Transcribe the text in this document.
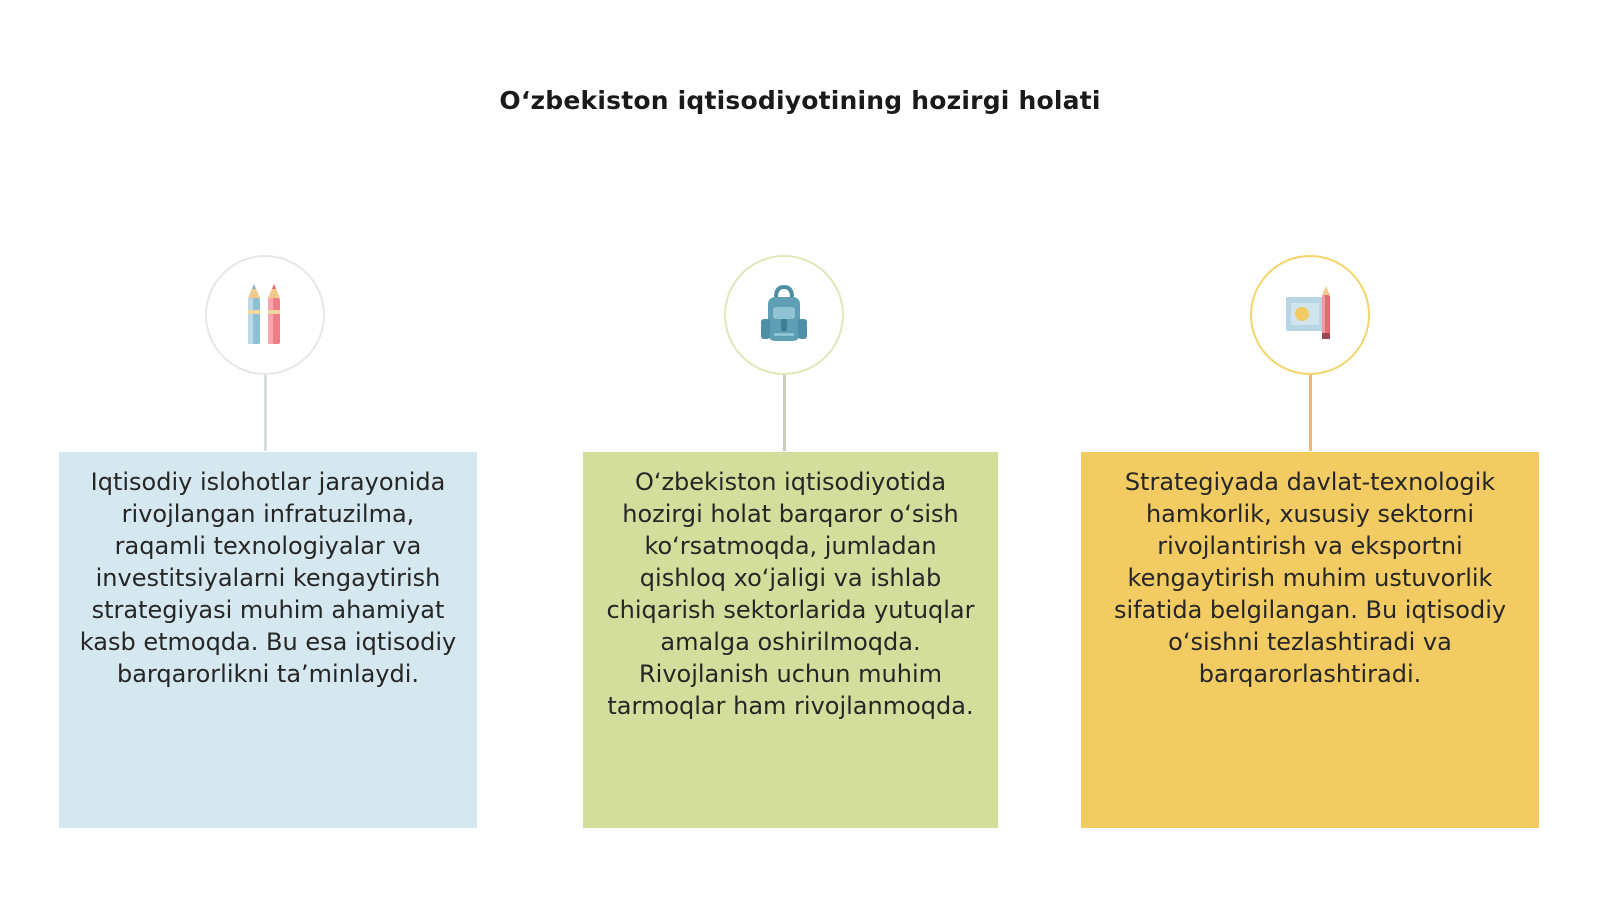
O‘zbekiston iqtisodiyotining hozirgi holati

Iqtisodiy islohotlar jarayonida rivojlangan infratuzilma, raqamli texnologiyalar va investitsiyalarni kengaytirish strategiyasi muhim ahamiyat kasb etmoqda. Bu esa iqtisodiy barqarorlikni ta’minlaydi.

O‘zbekiston iqtisodiyotida hozirgi holat barqaror o‘sish ko‘rsatmoqda, jumladan qishloq xo‘jaligi va ishlab chiqarish sektorlarida yutuqlar amalga oshirilmoqda. Rivojlanish uchun muhim tarmoqlar ham rivojlanmoqda.

Strategiyada davlat-texnologik hamkorlik, xususiy sektorni rivojlantirish va eksportni kengaytirish muhim ustuvorlik sifatida belgilangan. Bu iqtisodiy o‘sishni tezlashtiradi va barqarorlashtiradi.
